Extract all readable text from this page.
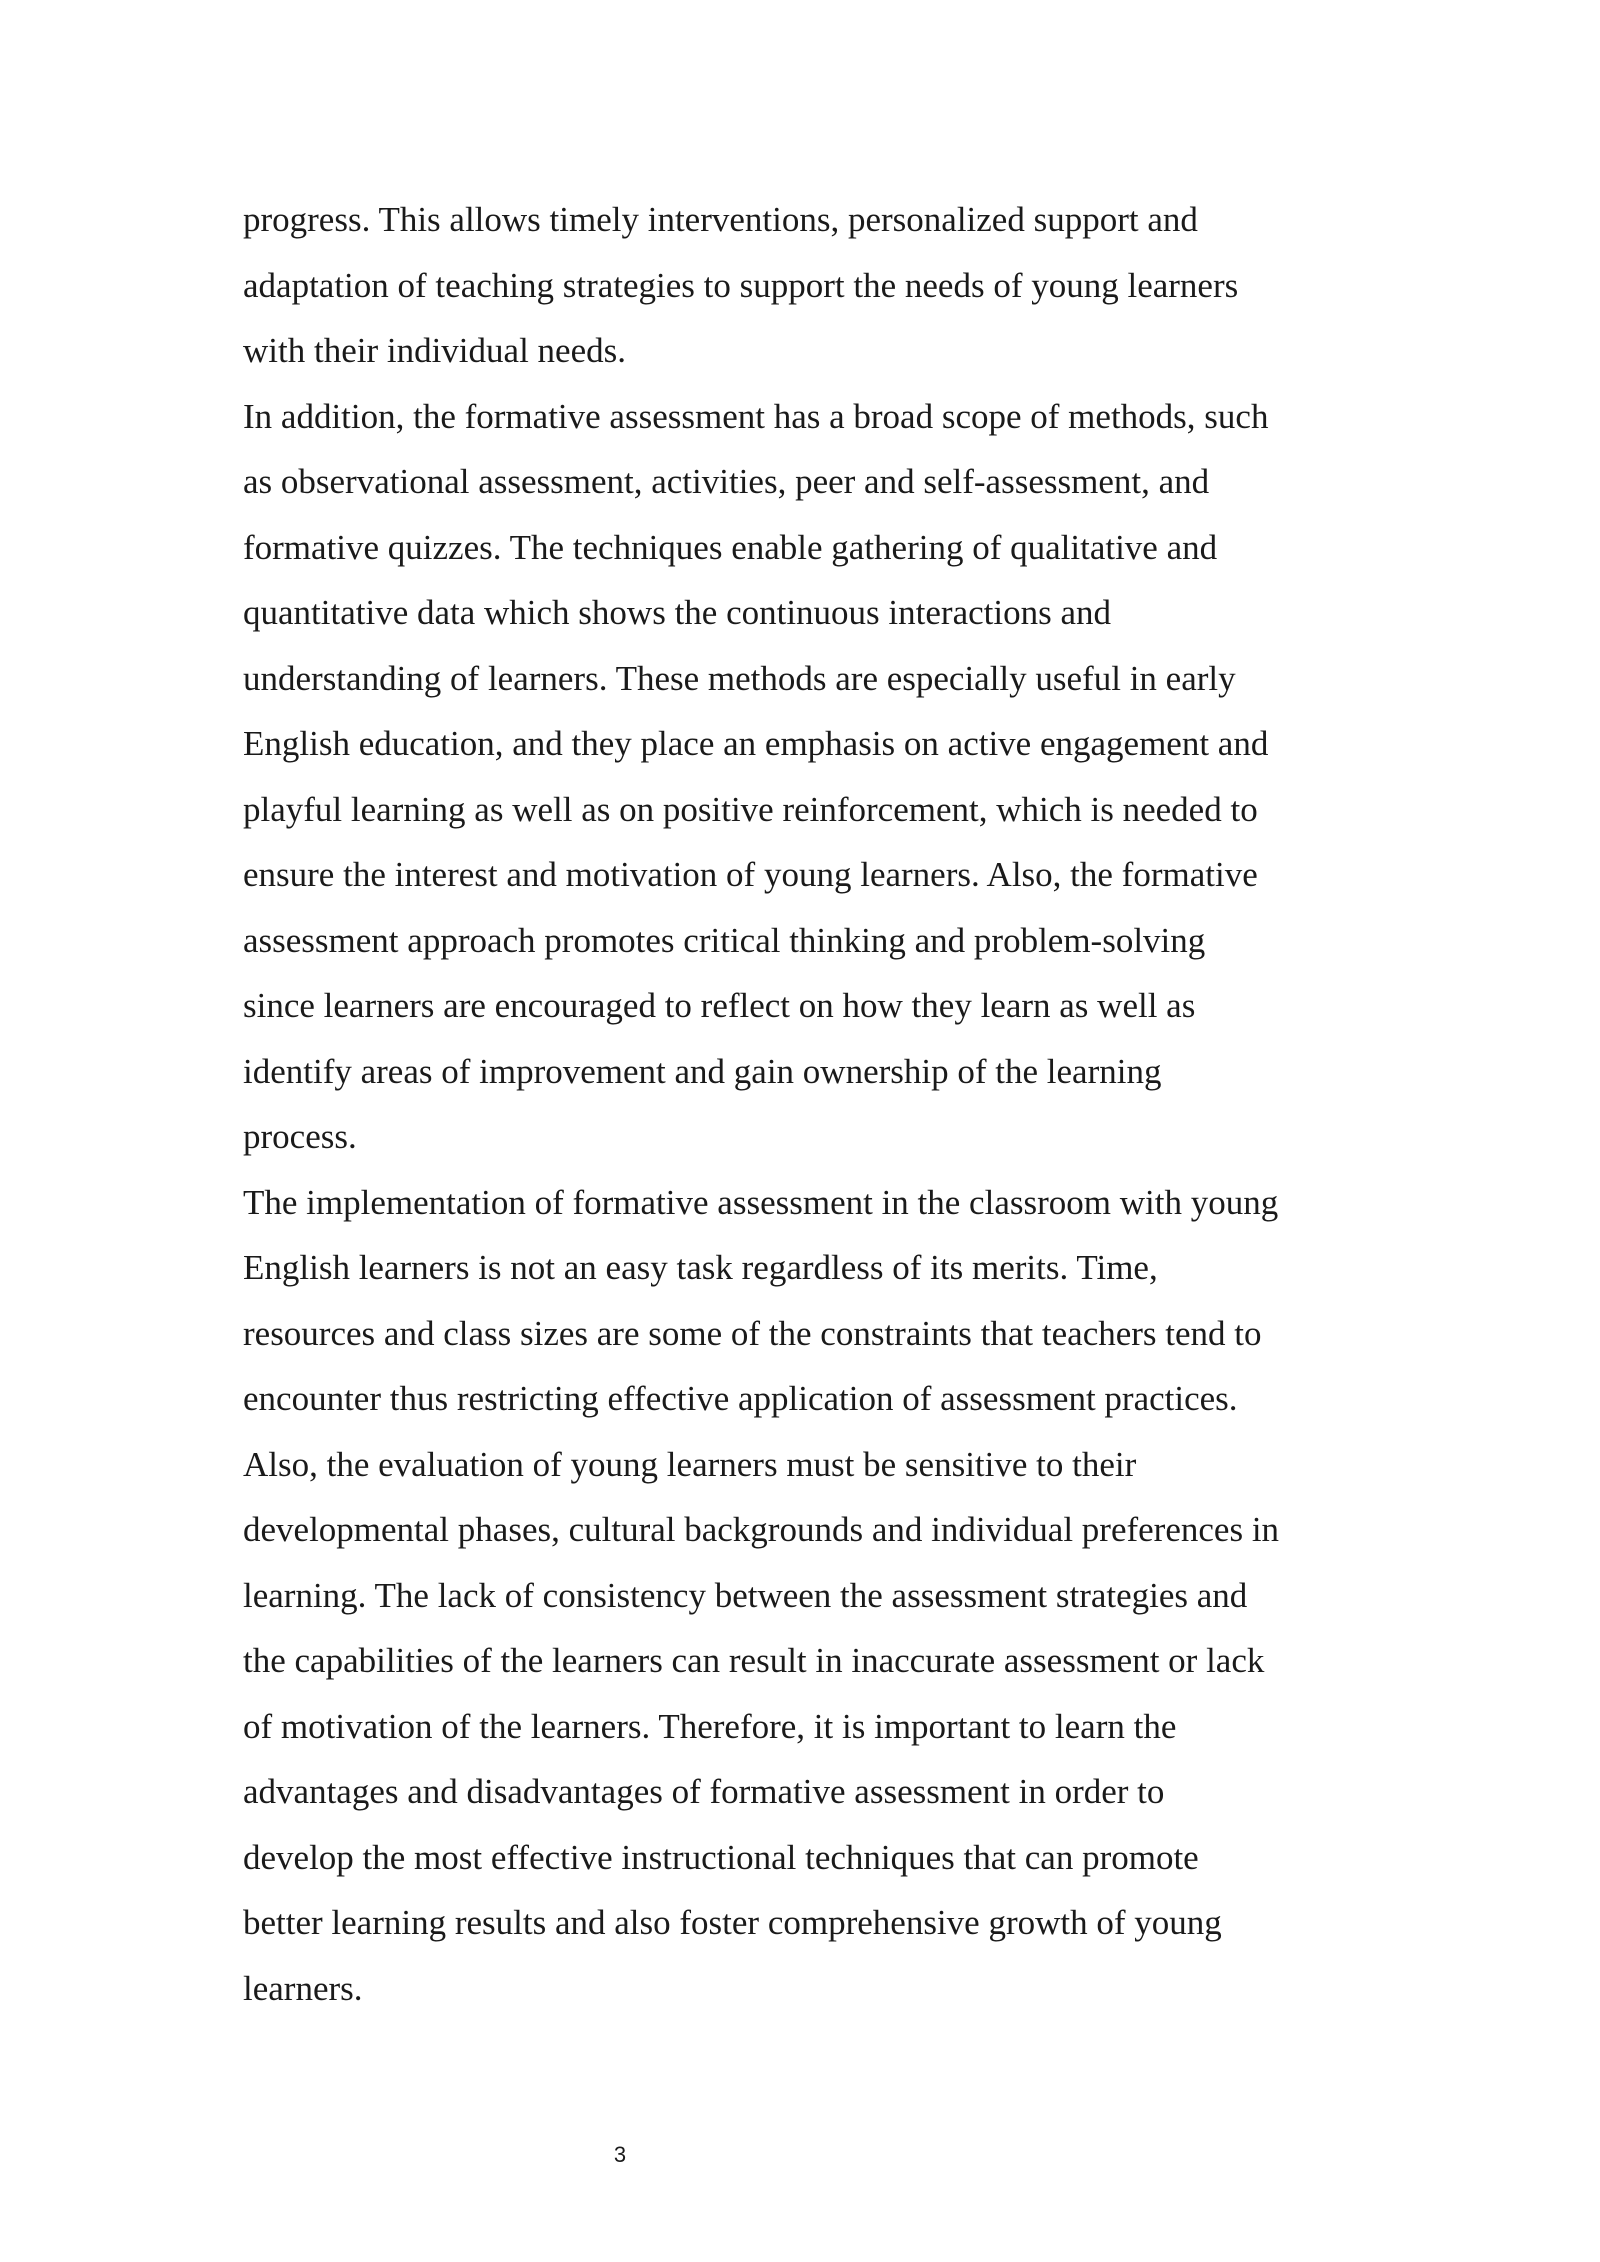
progress. This allows timely interventions, personalized support and
adaptation of teaching strategies to support the needs of young learners
with their individual needs.
In addition, the formative assessment has a broad scope of methods, such
as observational assessment, activities, peer and self-assessment, and
formative quizzes. The techniques enable gathering of qualitative and
quantitative data which shows the continuous interactions and
understanding of learners. These methods are especially useful in early
English education, and they place an emphasis on active engagement and
playful learning as well as on positive reinforcement, which is needed to
ensure the interest and motivation of young learners. Also, the formative
assessment approach promotes critical thinking and problem-solving
since learners are encouraged to reflect on how they learn as well as
identify areas of improvement and gain ownership of the learning
process.
The implementation of formative assessment in the classroom with young
English learners is not an easy task regardless of its merits. Time,
resources and class sizes are some of the constraints that teachers tend to
encounter thus restricting effective application of assessment practices.
Also, the evaluation of young learners must be sensitive to their
developmental phases, cultural backgrounds and individual preferences in
learning. The lack of consistency between the assessment strategies and
the capabilities of the learners can result in inaccurate assessment or lack
of motivation of the learners. Therefore, it is important to learn the
advantages and disadvantages of formative assessment in order to
develop the most effective instructional techniques that can promote
better learning results and also foster comprehensive growth of young
learners.
3
